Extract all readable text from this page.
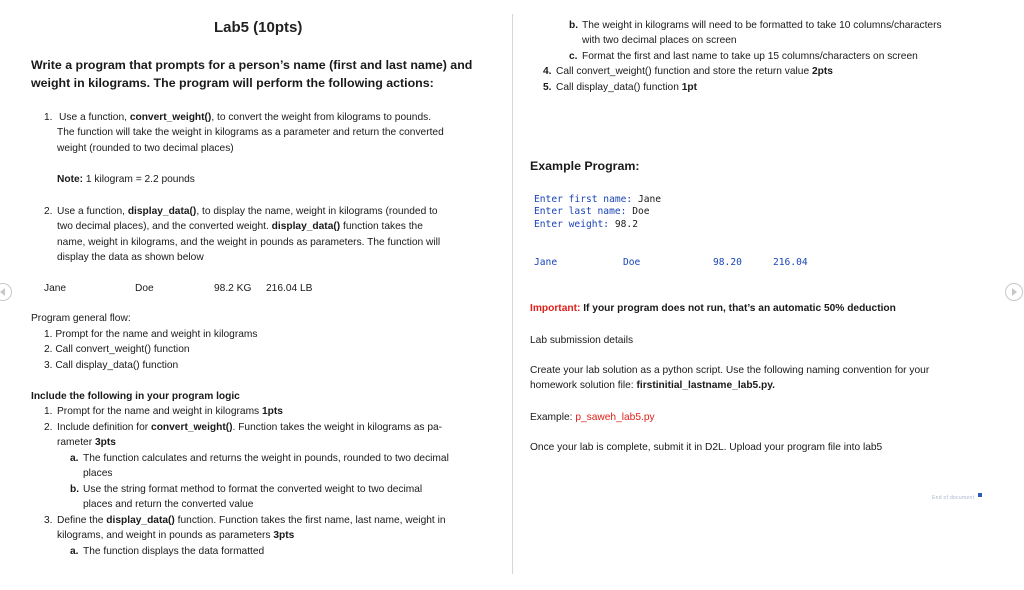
Lab5 (10pts)
Write a program that prompts for a person’s name (first and last name) and
weight in kilograms. The program will perform the following actions:
1. Use a function, convert_weight(), to convert the weight from kilograms to pounds.
The function will take the weight in kilograms as a parameter and return the converted
weight (rounded to two decimal places)
Note: 1 kilogram = 2.2 pounds
2. Use a function, display_data(), to display the name, weight in kilograms (rounded to
two decimal places), and the converted weight. display_data() function takes the
name, weight in kilograms, and the weight in pounds as parameters. The function will
display the data as shown below
Jane	Doe	98.2 KG 216.04 LB
Program general flow:
1. Prompt for the name and weight in kilograms
2. Call convert_weight() function
3. Call display_data() function
Include the following in your program logic
1. Prompt for the name and weight in kilograms 1pts
2. Include definition for convert_weight(). Function takes the weight in kilograms as pa-
rameter 3pts
a. The function calculates and returns the weight in pounds, rounded to two decimal
places
b. Use the string format method to format the converted weight to two decimal
places and return the converted value
3. Define the display_data() function. Function takes the first name, last name, weight in
kilograms, and weight in pounds as parameters 3pts
a. The function displays the data formatted
b. The weight in kilograms will need to be formatted to take 10 columns/characters
with two decimal places on screen
c. Format the first and last name to take up 15 columns/characters on screen
4. Call convert_weight() function and store the return value 2pts
5. Call display_data() function 1pt
Example Program:
Enter first name: Jane
Enter last name: Doe
Enter weight: 98.2
Jane	Doe	98.20	216.04
Important: If your program does not run, that’s an automatic 50% deduction
Lab submission details
Create your lab solution as a python script. Use the following naming convention for your
homework solution file: firstinitial_lastname_lab5.py.
Example: p_saweh_lab5.py
Once your lab is complete, submit it in D2L. Upload your program file into lab5
End of document
